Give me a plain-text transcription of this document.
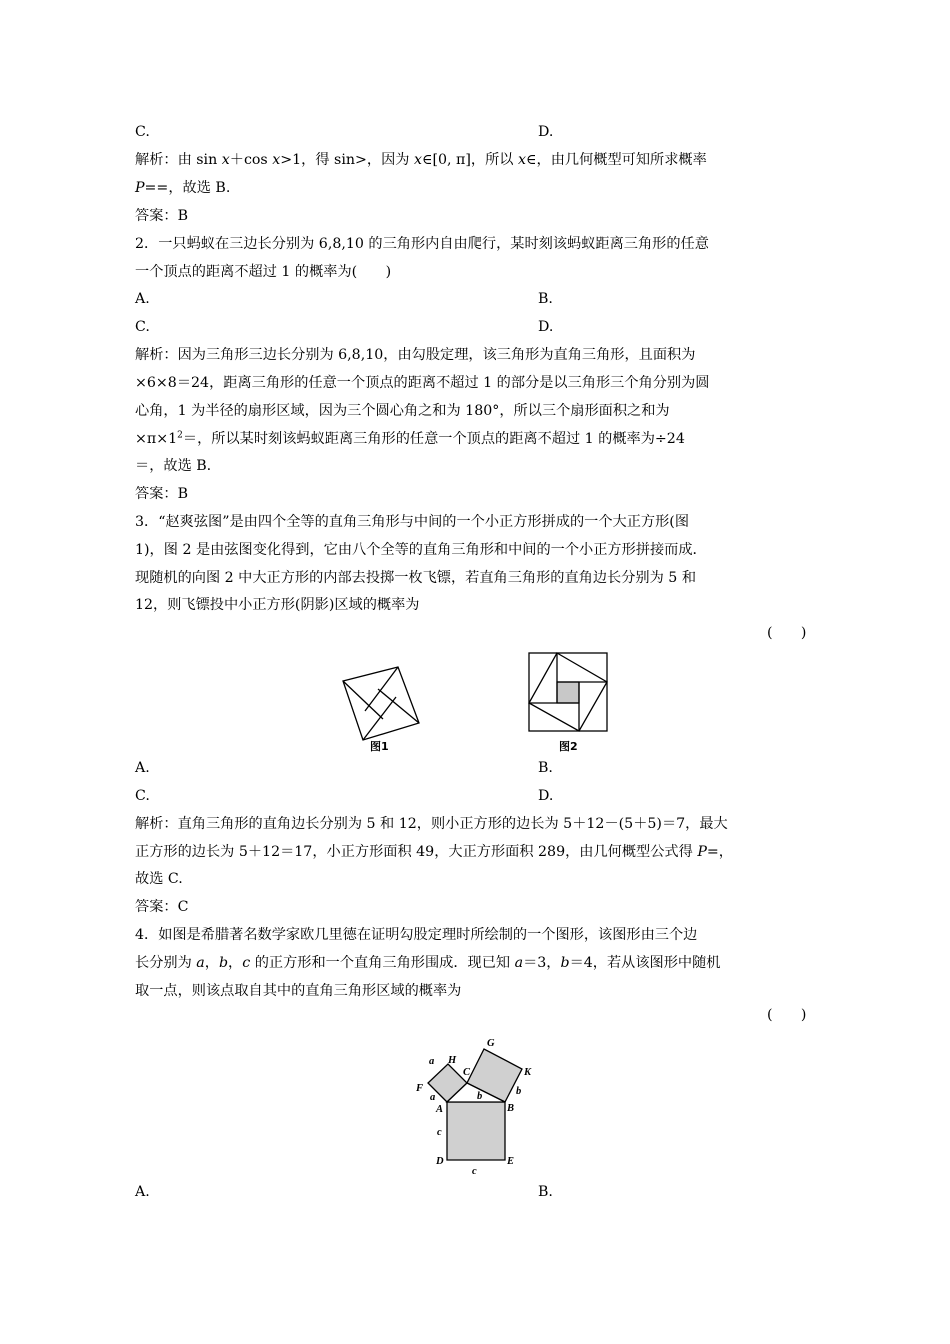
C.	D.
解析：由 sin x＋cos x>1，得 sin>，因为 x∈[0, π]，所以 x∈，由几何概型可知所求概率
P==，故选 B.
答案：B
2．一只蚂蚁在三边长分别为 6,8,10 的三角形内自由爬行，某时刻该蚂蚁距离三角形的任意
一个顶点的距离不超过 1 的概率为(　　)
A.	B.
C.	D.
解析：因为三角形三边长分别为 6,8,10，由勾股定理，该三角形为直角三角形，且面积为
×6×8＝24，距离三角形的任意一个顶点的距离不超过 1 的部分是以三角形三个角分别为圆
心角，1 为半径的扇形区域，因为三个圆心角之和为 180°，所以三个扇形面积之和为
$\times\pi\times 1^2=$，所以某时刻该蚂蚁距离三角形的任意一个顶点的距离不超过 1 的概率为÷24
＝，故选 B.
答案：B
3．“赵爽弦图”是由四个全等的直角三角形与中间的一个小正方形拼成的一个大正方形(图
1)，图 2 是由弦图变化得到，它由八个全等的直角三角形和中间的一个小正方形拼接而成．
现随机的向图 2 中大正方形的内部去投掷一枚飞镖，若直角三角形的直角边长分别为 5 和
12，则飞镖投中小正方形(阴影)区域的概率为
(　　)
图1	图2
A.	B.
C.	D.
解析：直角三角形的直角边长分别为 5 和 12，则小正方形的边长为 5＋12－(5＋5)＝7，最大
正方形的边长为 5＋12＝17，小正方形面积 49，大正方形面积 289，由几何概型公式得 P=，
故选 C.
答案：C
4．如图是希腊著名数学家欧几里德在证明勾股定理时所绘制的一个图形，该图形由三个边
长分别为 a，b，c 的正方形和一个直角三角形围成．现已知 a＝3，b＝4，若从该图形中随机
取一点，则该点取自其中的直角三角形区域的概率为
(　　)
a H
G
K
F
C
b
b
a
A	B
c
D
c
E
A.	B.
